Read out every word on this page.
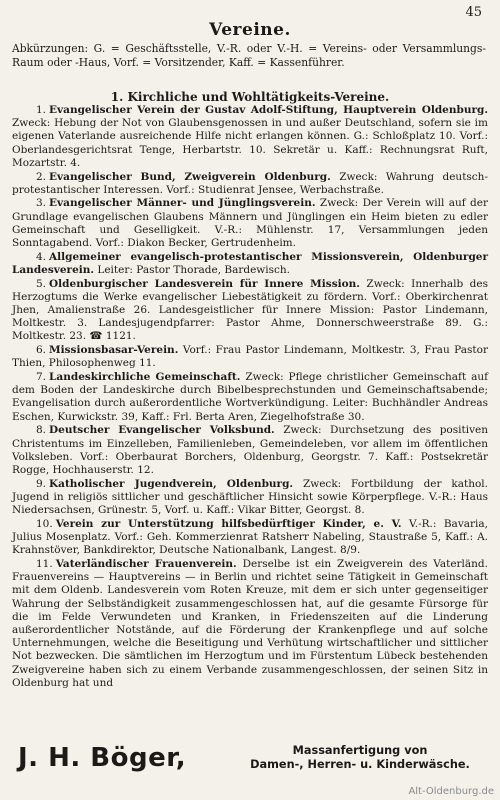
45
Vereine.
Abkürzungen: G. = Geschäftsstelle, V.-R. oder V.-H. = Vereins- oder Versammlungs-Raum oder -Haus, Vorf. = Vorsitzender, Kaff. = Kassenführer.
1. Kirchliche und Wohltätigkeits-Vereine.

1. Evangelischer Verein der Gustav Adolf-Stiftung, Hauptverein Oldenburg. Zweck: Hebung der Not von Glaubensgenossen in und außer Deutschland, sofern sie im eigenen Vaterlande ausreichende Hilfe nicht erlangen können. G.: Schloßplatz 10. Vorf.: Oberlandesgerichtsrat Tenge, Herbartstr. 10. Sekretär u. Kaff.: Rechnungsrat Ruft, Mozartstr. 4.

2. Evangelischer Bund, Zweigverein Oldenburg. Zweck: Wahrung deutsch-protestantischer Interessen. Vorf.: Studienrat Jensee, Werbachstraße.

3. Evangelischer Männer- und Jünglingsverein. Zweck: Der Verein will auf der Grundlage evangelischen Glaubens Männern und Jünglingen ein Heim bieten zu edler Gemeinschaft und Geselligkeit. V.-R.: Mühlenstr. 17, Versammlungen jeden Sonntagabend. Vorf.: Diakon Becker, Gertrudenheim.

4. Allgemeiner evangelisch-protestantischer Missionsverein, Oldenburger Landesverein. Leiter: Pastor Thorade, Bardewisch.

5. Oldenburgischer Landesverein für Innere Mission. Zweck: Innerhalb des Herzogtums die Werke evangelischer Liebestätigkeit zu fördern. Vorf.: Oberkirchenrat Jhen, Amalienstraße 26. Landesgeistlicher für Innere Mission: Pastor Lindemann, Moltkestr. 3. Landesjugendpfarrer: Pastor Ahme, Donnerschweerstraße 89. G.: Moltkestr. 23. ☎ 1121.

6. Missionsbasar-Verein. Vorf.: Frau Pastor Lindemann, Moltkestr. 3, Frau Pastor Thien, Philosophenweg 11.

7. Landeskirchliche Gemeinschaft. Zweck: Pflege christlicher Gemeinschaft auf dem Boden der Landeskirche durch Bibelbesprechstunden und Gemeinschaftsabende; Evangelisation durch außerordentliche Wortverkündigung. Leiter: Buchhändler Andreas Eschen, Kurwickstr. 39, Kaff.: Frl. Berta Aren, Ziegelhofstraße 30.

8. Deutscher Evangelischer Volksbund. Zweck: Durchsetzung des positiven Christentums im Einzelleben, Familienleben, Gemeindeleben, vor allem im öffentlichen Volksleben. Vorf.: Oberbaurat Borchers, Oldenburg, Georgstr. 7. Kaff.: Postsekretär Rogge, Hochhauserstr. 12.

9. Katholischer Jugendverein, Oldenburg. Zweck: Fortbildung der kathol. Jugend in religiös sittlicher und geschäftlicher Hinsicht sowie Körperpflege. V.-R.: Haus Niedersachsen, Grünestr. 5, Vorf. u. Kaff.: Vikar Bitter, Georgst. 8.

10. Verein zur Unterstützung hilfsbedürftiger Kinder, e. V. V.-R.: Bavaria, Julius Mosenplatz. Vorf.: Geh. Kommerzienrat Ratsherr Nabeling, Staustraße 5, Kaff.: A. Krahnstöver, Bankdirektor, Deutsche Nationalbank, Langest. 8/9.

11. Vaterländischer Frauenverein. Derselbe ist ein Zweigverein des Vaterländ. Frauenvereins — Hauptvereins — in Berlin und richtet seine Tätigkeit in Gemeinschaft mit dem Oldenb. Landesverein vom Roten Kreuze, mit dem er sich unter gegenseitiger Wahrung der Selbständigkeit zusammengeschlossen hat, auf die gesamte Fürsorge für die im Felde Verwundeten und Kranken, in Friedenszeiten auf die Linderung außerordentlicher Notstände, auf die Förderung der Krankenpflege und auf solche Unternehmungen, welche die Beseitigung und Verhütung wirtschaftlicher und sittlicher Not bezwecken. Die sämtlichen im Herzogtum und im Fürstentum Lübeck bestehenden Zweigvereine haben sich zu einem Verbande zusammengeschlossen, der seinen Sitz in Oldenburg hat und

J. H. Böger,	Massanfertigung von
Damen-, Herren- u. Kinderwäsche.
Alt-Oldenburg.de
